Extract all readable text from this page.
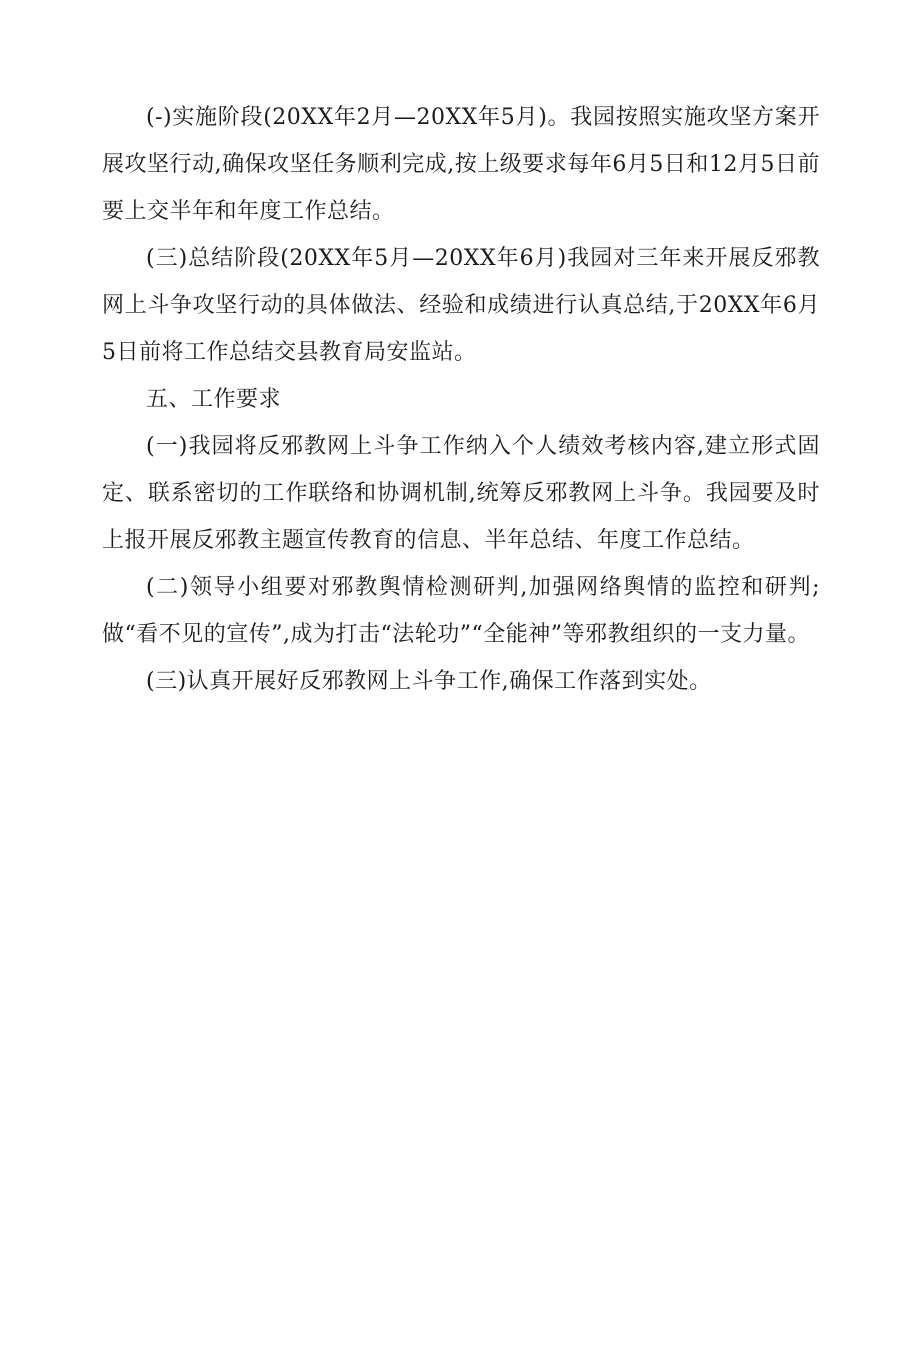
(-)实施阶段(20XX年2月—20XX年5月)。我园按照实施攻坚方案开展攻坚行动,确保攻坚任务顺利完成,按上级要求每年6月5日和12月5日前要上交半年和年度工作总结。

(三)总结阶段(20XX年5月—20XX年6月)我园对三年来开展反邪教网上斗争攻坚行动的具体做法、经验和成绩进行认真总结,于20XX年6月5日前将工作总结交县教育局安监站。

五、工作要求

(一)我园将反邪教网上斗争工作纳入个人绩效考核内容,建立形式固定、联系密切的工作联络和协调机制,统筹反邪教网上斗争。我园要及时上报开展反邪教主题宣传教育的信息、半年总结、年度工作总结。

(二)领导小组要对邪教舆情检测研判,加强网络舆情的监控和研判;做“看不见的宣传”,成为打击“法轮功”“全能神”等邪教组织的一支力量。

(三)认真开展好反邪教网上斗争工作,确保工作落到实处。
